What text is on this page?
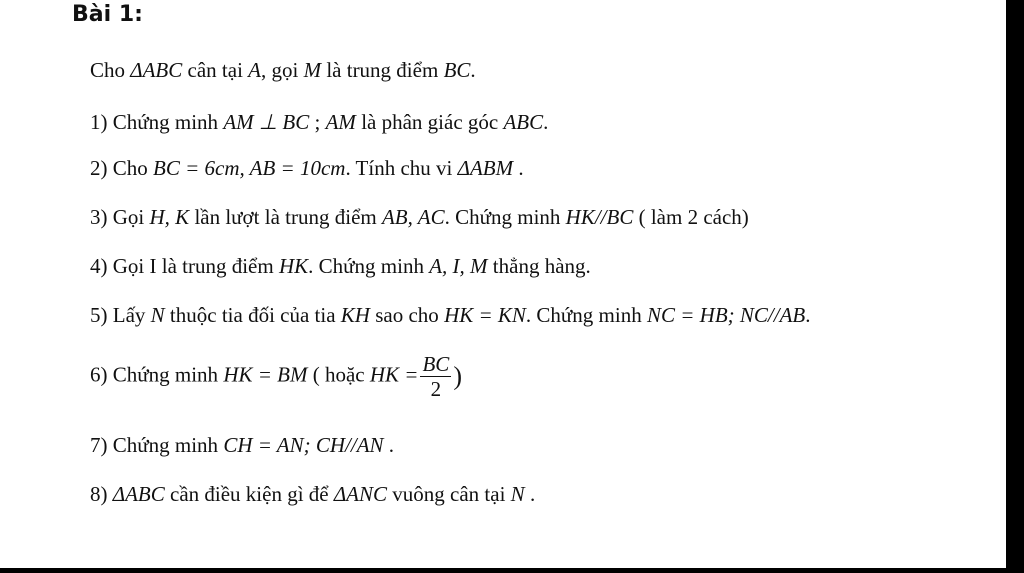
Bài 1:
Cho ΔABC cân tại A, gọi M là trung điểm BC.
1) Chứng minh AM ⊥ BC ; AM là phân giác góc ABC.
2) Cho BC = 6cm, AB = 10cm. Tính chu vi ΔABM .
3) Gọi H, K lần lượt là trung điểm AB, AC. Chứng minh HK//BC ( làm 2 cách)
4) Gọi I là trung điểm HK. Chứng minh A, I, M thẳng hàng.
5) Lấy N thuộc tia đối của tia KH sao cho HK = KN. Chứng minh NC = HB; NC//AB.
6) Chứng minh HK = BM ( hoặc HK = $\frac{BC}{2}$ )
7) Chứng minh CH = AN; CH//AN .
8) ΔABC cần điều kiện gì để ΔANC vuông cân tại N .
